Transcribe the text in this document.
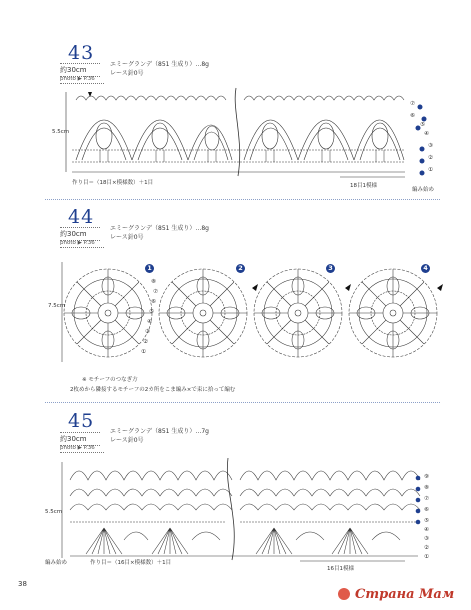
43
約30cm
photo ▶ P.36
エミーグランデ（851 生成り）…8g
レース針0号
5.5cm
作り目＝（18目×模様数）＋1目	18目1模様
編み始め
⑦
⑥
⑤
④
③
②
①
44
約30cm
photo ▶ P.36
エミーグランデ（851 生成り）…8g
レース針0号
7.5cm
1	2	3	4
⑧
⑦
⑥
⑤
④
③
②
①
※ モチーフのつなぎ方
2枚めから隣接するモチーフの2カ所をこま編み×で束に拾って編む
45
約30cm
photo ▶ P.36
エミーグランデ（851 生成り）…7g
レース針0号
5.5cm
編み始め	作り目＝（16目×模様数）＋1目
16目1模様
⑨
⑧
⑦
⑥
⑤
④
③
②
①
38
Страна Мам
